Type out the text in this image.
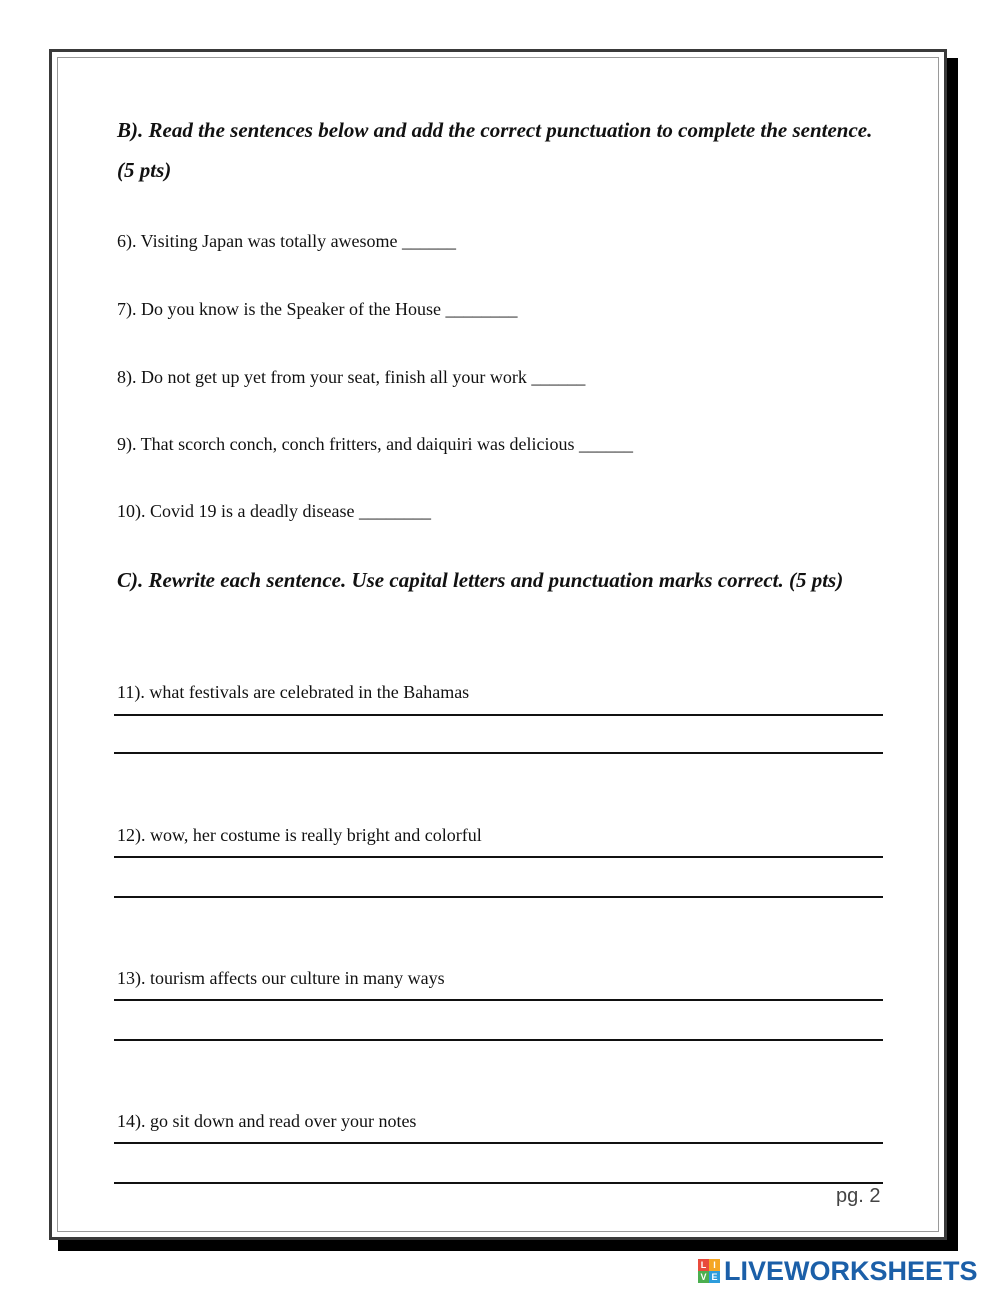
B). Read the sentences below and add the correct punctuation to complete the sentence. (5 pts)

6). Visiting Japan was totally awesome ______
7). Do you know is the Speaker of the House ________
8). Do not get up yet from your seat, finish all your work ______
9). That scorch conch, conch fritters, and daiquiri was delicious ______
10). Covid 19 is a deadly disease ________

C). Rewrite each sentence. Use capital letters and punctuation marks correct. (5 pts)

11). what festivals are celebrated in the Bahamas
12). wow, her costume is really bright and colorful
13). tourism affects our culture in many ways
14). go sit down and read over your notes
pg. 2
L I
V E LIVEWORKSHEETS
